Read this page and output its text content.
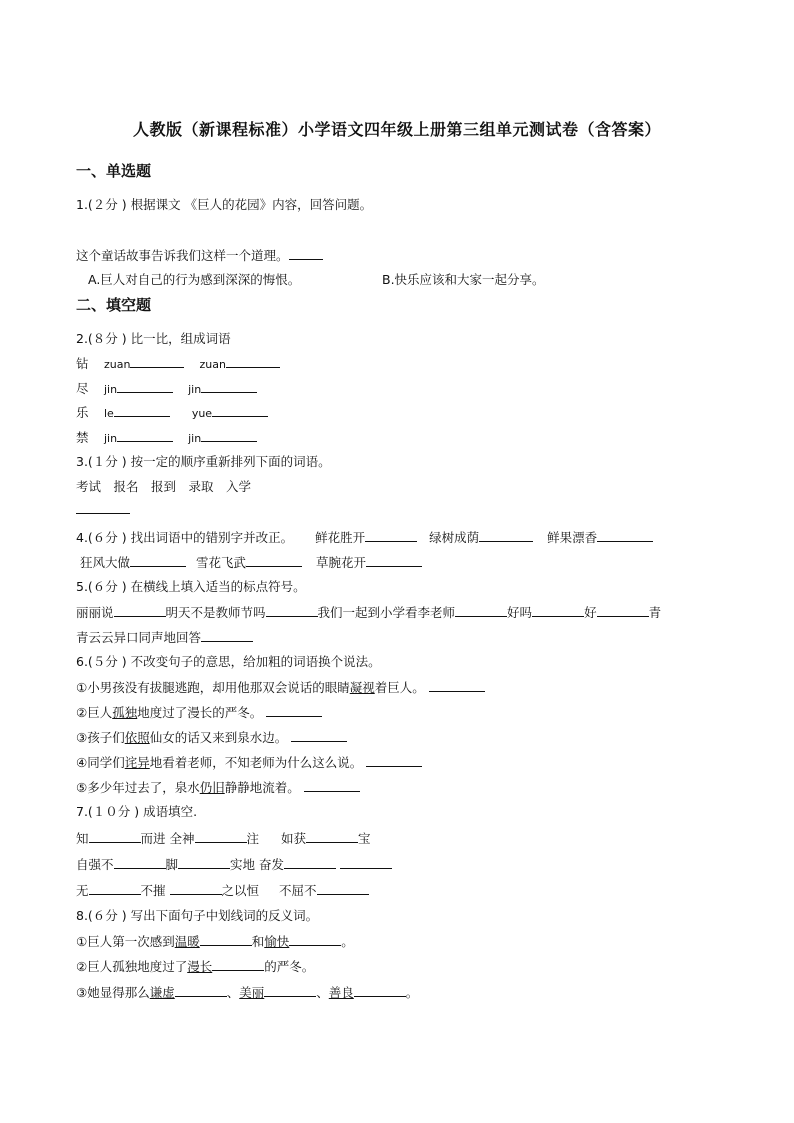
人教版（新课程标准）小学语文四年级上册第三组单元测试卷（含答案）
一、单选题
1.(２分 ) 根据课文 《巨人的花园》内容，回答问题。
这个童话故事告诉我们这样一个道理。
A.巨人对自己的行为感到深深的悔恨。	B.快乐应该和大家一起分享。
二、填空题
2.(８分 ) 比一比，组成词语
钻 zuan	zuan
尽 jin	jin
乐 le	yue
禁 jin	jin
3.(１分 ) 按一定的顺序重新排列下面的词语。
考试　报名　报到　录取　入学
4.(６分 ) 找出词语中的错别字并改正。 鲜花胜开	绿树成荫	鲜果漂香
狂风大做	雪花飞武	草腕花开
5.(６分 ) 在横线上填入适当的标点符号。
丽丽说	明天不是教师节吗	我们一起到小学看李老师	好吗	好	青
青云云异口同声地回答
6.(５分 ) 不改变句子的意思，给加粗的词语换个说法。
①小男孩没有拔腿逃跑，却用他那双会说话的眼睛凝视着巨人。
②巨人孤独地度过了漫长的严冬。
③孩子们依照仙女的话又来到泉水边。
④同学们诧异地看着老师，不知老师为什么这么说。
⑤多少年过去了，泉水仍旧静静地流着。
7.(１０分 ) 成语填空.
知	而进 全神	注 如获	宝
自强不	脚	实地 奋发
无	不摧	之以恒 不屈不
8.(６分 ) 写出下面句子中划线词的反义词。
①巨人第一次感到温暖	和愉快	。
②巨人孤独地度过了漫长	的严冬。
③她显得那么谦虚	、美丽	、善良	。
